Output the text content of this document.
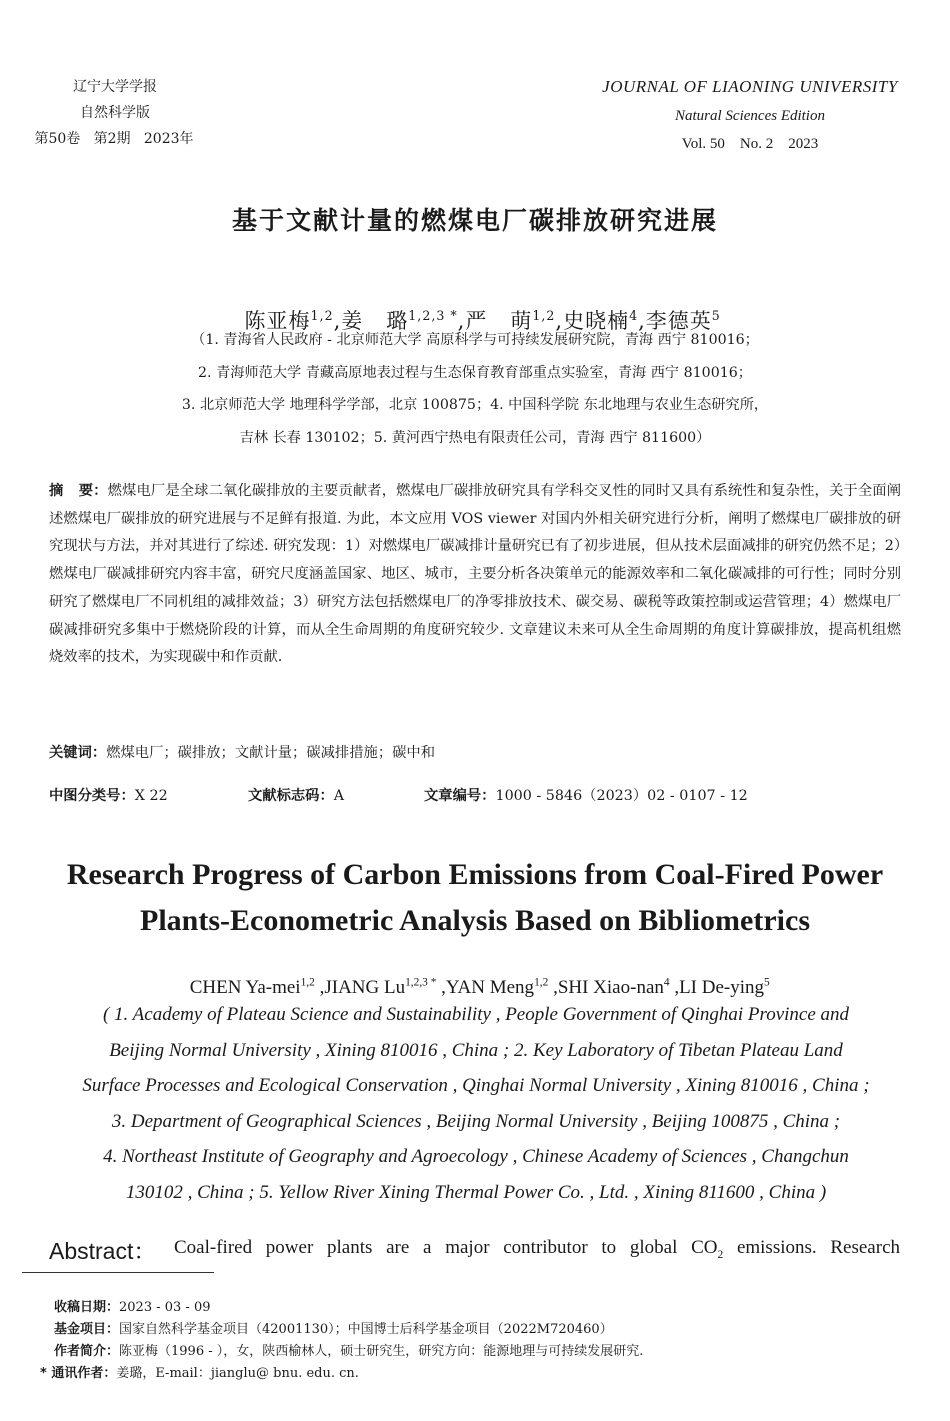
辽宁大学学报
自然科学版
第50卷   第2期   2023年
JOURNAL OF LIAONING UNIVERSITY
Natural Sciences Edition
Vol. 50    No. 2    2023
基于文献计量的燃煤电厂碳排放研究进展

陈亚梅$^{1,2}$,姜   璐$^{1,2,3 *}$,严   萌$^{1,2}$,史晓楠$^4$,李德英$^5$

（1. 青海省人民政府 - 北京师范大学 高原科学与可持续发展研究院，青海 西宁 810016；
2. 青海师范大学 青藏高原地表过程与生态保育教育部重点实验室，青海 西宁 810016；
3. 北京师范大学 地理科学学部，北京 100875；4. 中国科学院 东北地理与农业生态研究所，
吉林 长春 130102；5. 黄河西宁热电有限责任公司，青海 西宁 811600）
摘   要：燃煤电厂是全球二氧化碳排放的主要贡献者，燃煤电厂碳排放研究具有学科交叉性的同时又具有系统性和复杂性，关于全面阐述燃煤电厂碳排放的研究进展与不足鲜有报道. 为此，本文应用 VOS viewer 对国内外相关研究进行分析，阐明了燃煤电厂碳排放的研究现状与方法，并对其进行了综述. 研究发现：1）对燃煤电厂碳减排计量研究已有了初步进展，但从技术层面减排的研究仍然不足；2）燃煤电厂碳减排研究内容丰富，研究尺度涵盖国家、地区、城市，主要分析各决策单元的能源效率和二氧化碳减排的可行性；同时分别研究了燃煤电厂不同机组的减排效益；3）研究方法包括燃煤电厂的净零排放技术、碳交易、碳税等政策控制或运营管理；4）燃煤电厂碳减排研究多集中于燃烧阶段的计算，而从全生命周期的角度研究较少. 文章建议未来可从全生命周期的角度计算碳排放，提高机组燃烧效率的技术，为实现碳中和作贡献.
关键词：燃煤电厂；碳排放；文献计量；碳减排措施；碳中和
中图分类号：X 22	文献标志码：A	文章编号：1000 - 5846（2023）02 - 0107 - 12
Research Progress of Carbon Emissions from Coal-Fired Power
Plants-Econometric Analysis Based on Bibliometrics

CHEN Ya-mei$^{1,2}$ ,JIANG $Lu^{1,2,3 *}$ ,YAN Meng$^{1,2}$ ,SHI Xiao-nan$^4$ ,LI De-ying$^5$

( 1. Academy of Plateau Science and Sustainability , People Government of Qinghai Province and
Beijing Normal University , Xining 810016 , China ; 2. Key Laboratory of Tibetan Plateau Land
Surface Processes and Ecological Conservation , Qinghai Normal University , Xining 810016 , China ;
3. Department of Geographical Sciences , Beijing Normal University , Beijing 100875 , China ;
4. Northeast Institute of Geography and Agroecology , Chinese Academy of Sciences , Changchun
130102 , China ; 5. Yellow River Xining Thermal Power Co. , Ltd. , Xining 811600 , China )
Abstract： Coal-fired power plants are a major contributor to global $CO_2$ emissions. Research
收稿日期：2023 - 03 - 09
基金项目：国家自然科学基金项目（42001130）；中国博士后科学基金项目（2022M720460）
作者简介：陈亚梅（1996 - ），女，陕西榆林人，硕士研究生，研究方向：能源地理与可持续发展研究.
* 通讯作者：姜璐，E-mail：jianglu@ bnu. edu. cn.
